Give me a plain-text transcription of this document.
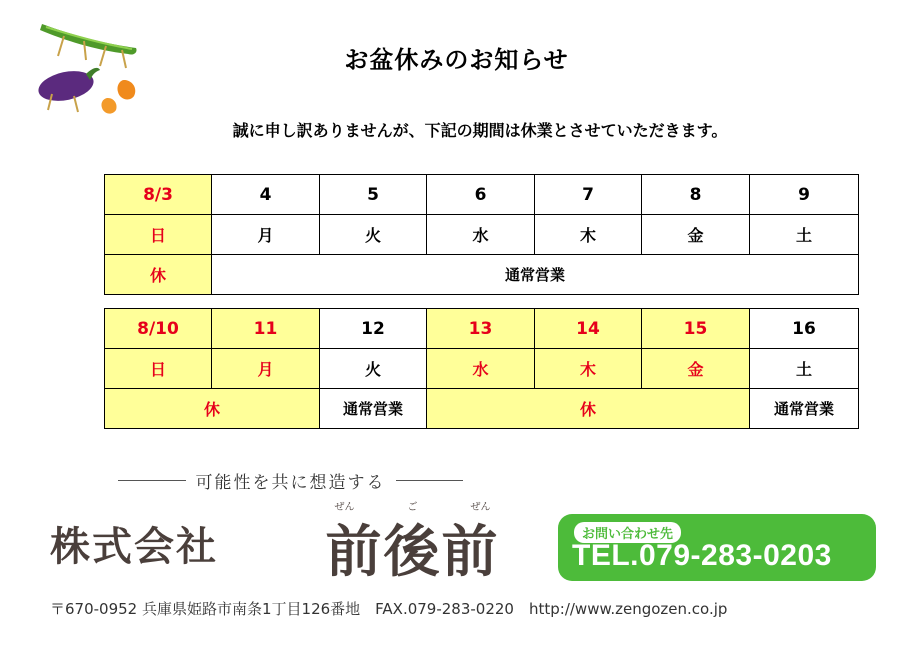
お盆休みのお知らせ
誠に申し訳ありませんが、下記の期間は休業とさせていただきます。
8/3	4	5	6	7	8	9
日	月	火	水	木	金	土
休	通常営業					
8/10	11	12	13	14	15	16
日	月	火	水	木	金	土
休		通常営業	休			通常営業
可能性を共に想造する
株式会社
ぜん	ご	ぜん
前後前	お問い合わせ先
TEL.079-283-0203
〒670-0952 兵庫県姫路市南条1丁目126番地　FAX.079-283-0220　http://www.zengozen.co.jp
